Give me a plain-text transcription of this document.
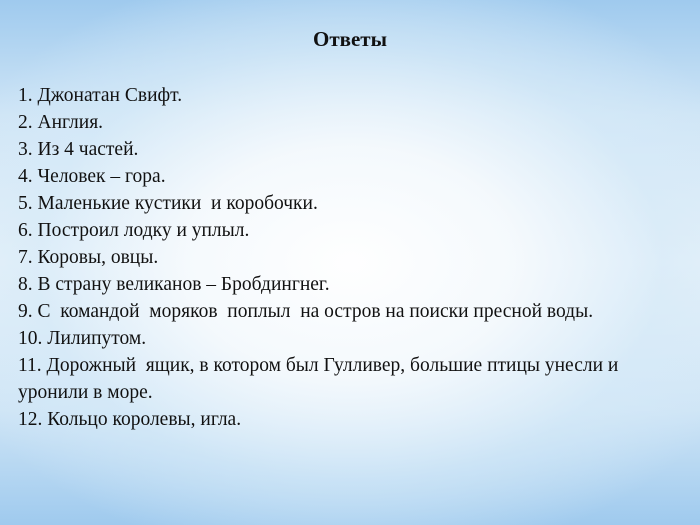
Ответы
1. Джонатан Свифт.
2. Англия.
3. Из 4 частей.
4. Человек – гора.
5. Маленькие кустики  и коробочки.
6. Построил лодку и уплыл.
7. Коровы, овцы.
8. В страну великанов – Бробдингнег.
9. С  командой  моряков  поплыл  на остров на поиски пресной воды.
10. Лилипутом.
11. Дорожный  ящик, в котором был Гулливер, большие птицы унесли и уронили в море.
12. Кольцо королевы, игла.
